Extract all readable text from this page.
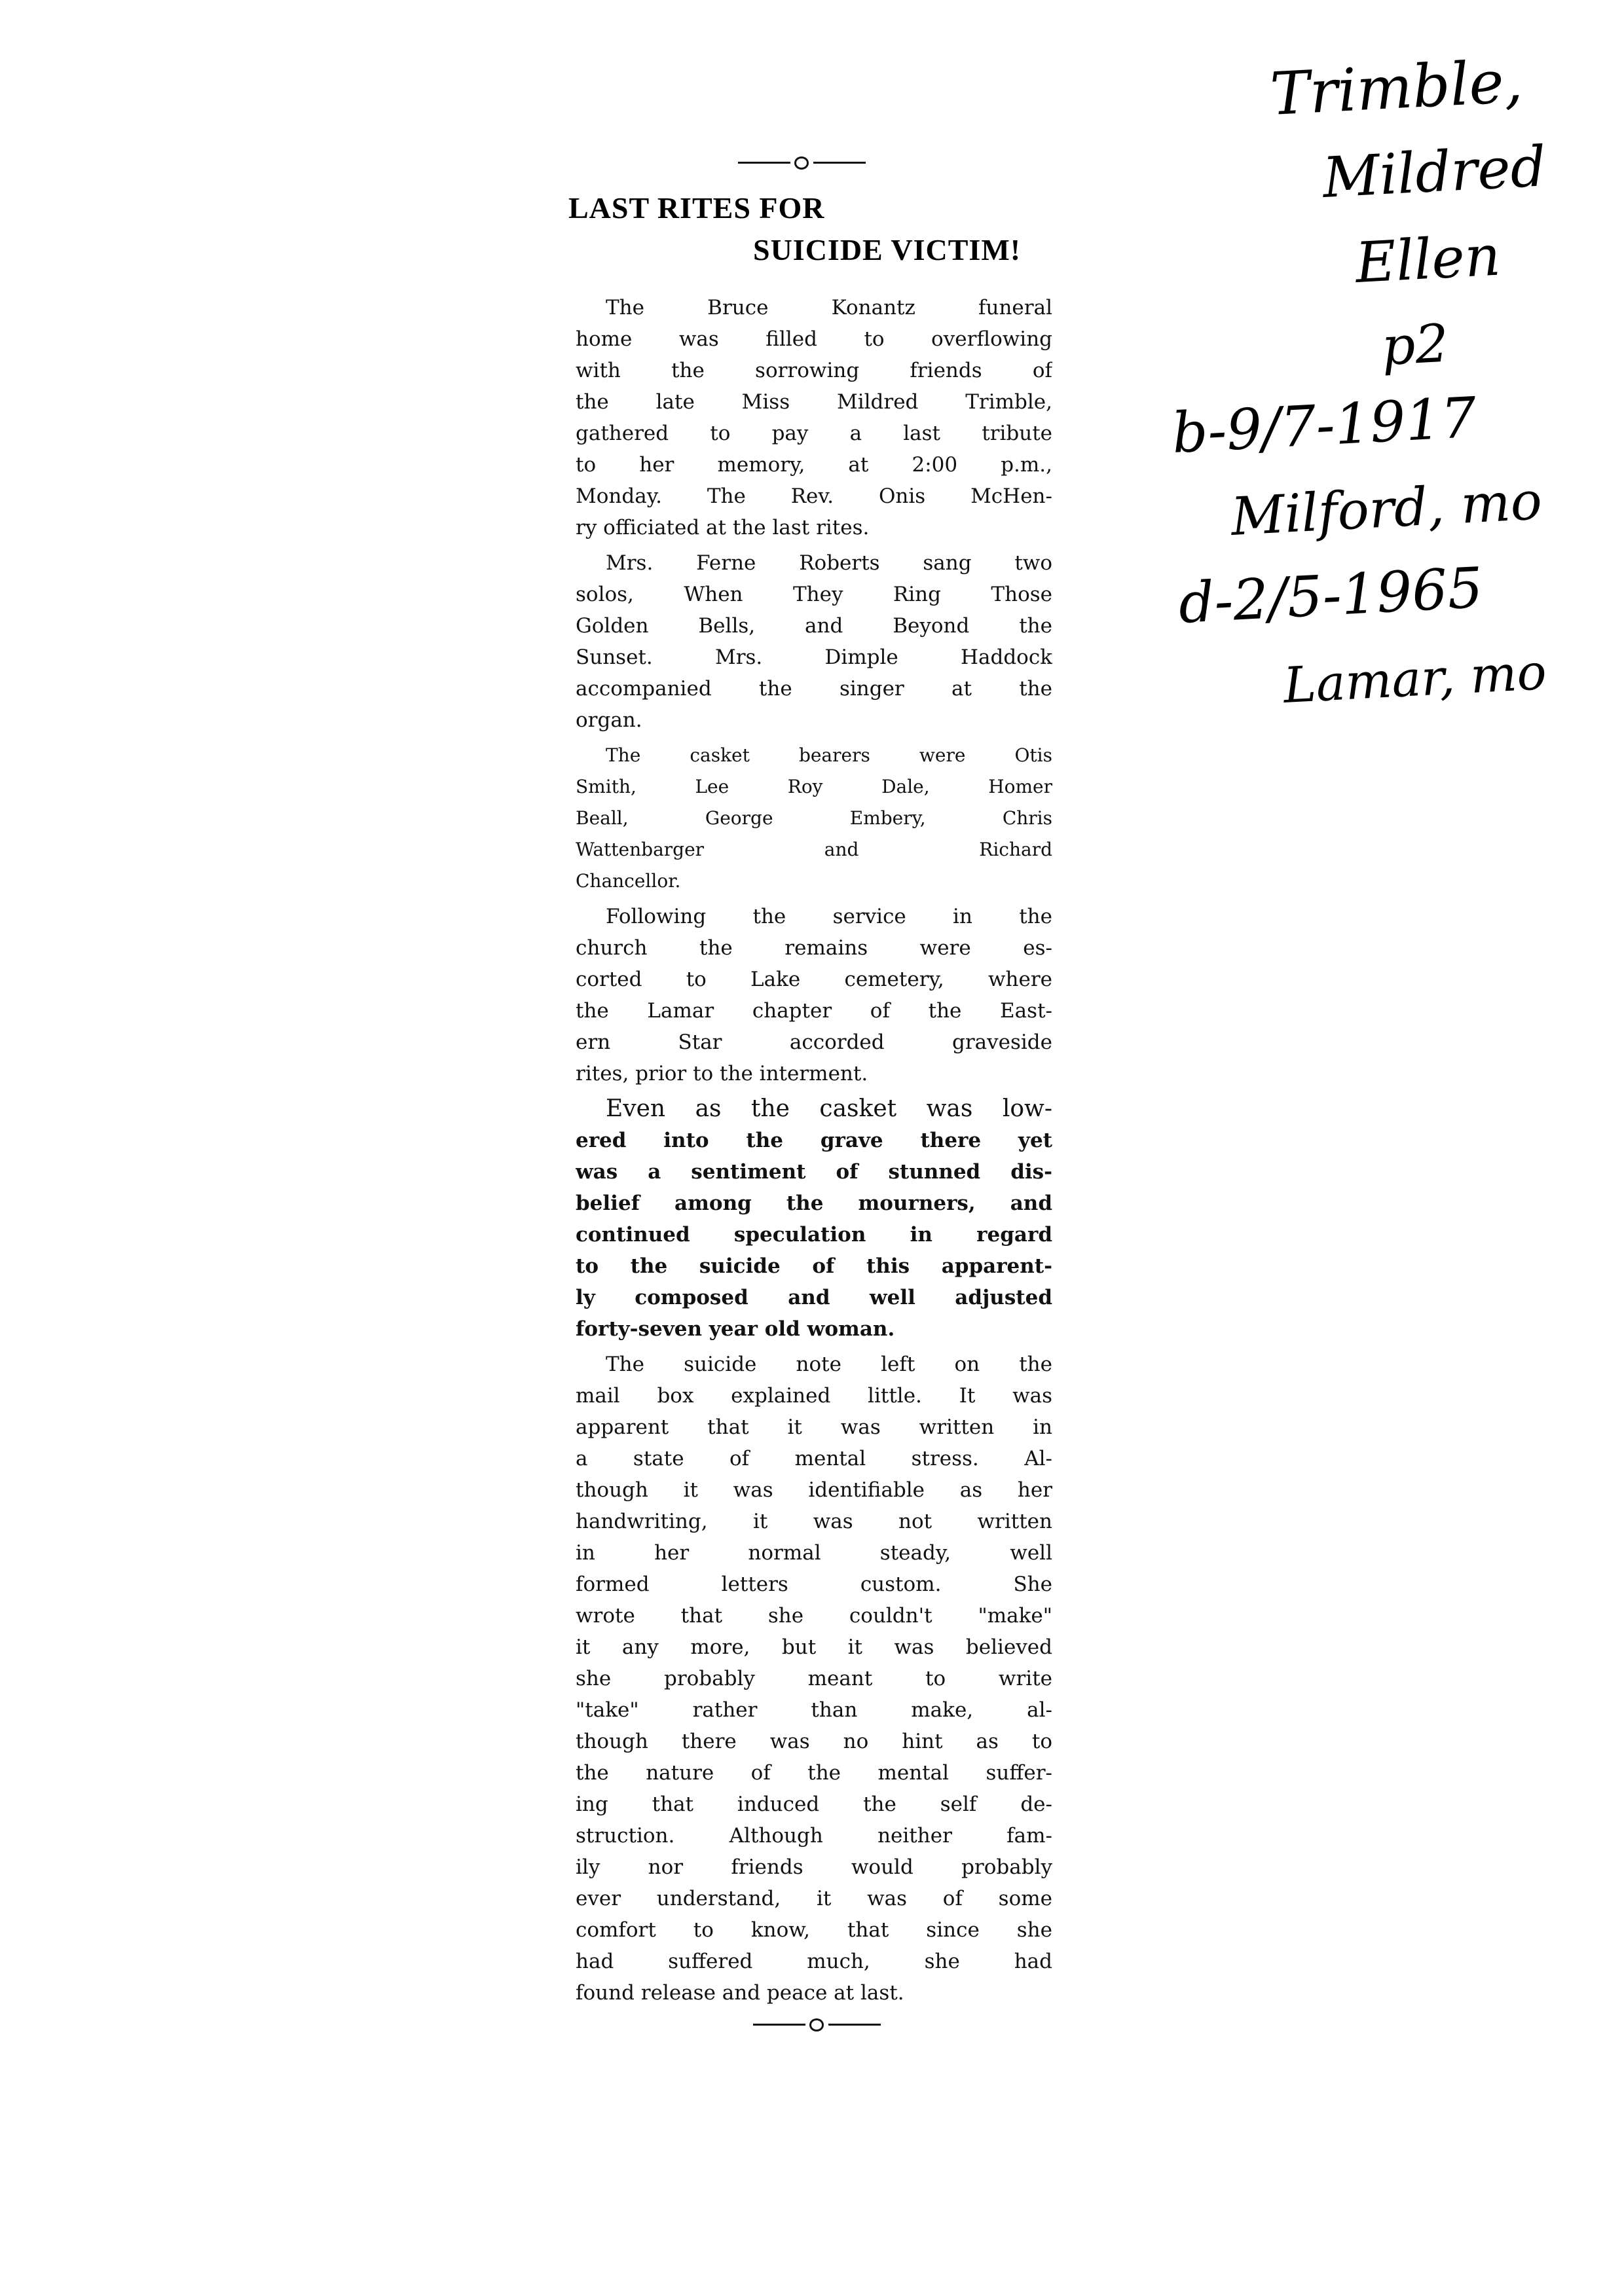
LAST RITES FOR
SUICIDE VICTIM!
The Bruce Konantz funeral
home was filled to overflowing
with the sorrowing friends of
the late Miss Mildred Trimble,
gathered to pay a last tribute
to her memory, at 2:00 p.m.,
Monday. The Rev. Onis McHen-
ry officiated at the last rites.
Mrs. Ferne Roberts sang two
solos, When They Ring Those
Golden Bells, and Beyond the
Sunset. Mrs. Dimple Haddock
accompanied the singer at the
organ.
The casket bearers were Otis
Smith, Lee Roy Dale, Homer
Beall, George Embery, Chris
Wattenbarger and Richard
Chancellor.
Following the service in the
church the remains were es-
corted to Lake cemetery, where
the Lamar chapter of the East-
ern Star accorded graveside
rites, prior to the interment.
Even as the casket was low-
ered into the grave there yet
was a sentiment of stunned dis-
belief among the mourners, and
continued speculation in regard
to the suicide of this apparent-
ly composed and well adjusted
forty-seven year old woman.
The suicide note left on the
mail box explained little. It was
apparent that it was written in
a state of mental stress. Al-
though it was identifiable as her
handwriting, it was not written
in her normal steady, well
formed letters custom. She
wrote that she couldn't "make"
it any more, but it was believed
she probably meant to write
"take" rather than make, al-
though there was no hint as to
the nature of the mental suffer-
ing that induced the self de-
struction. Although neither fam-
ily nor friends would probably
ever understand, it was of some
comfort to know, that since she
had suffered much, she had
found release and peace at last.
Trimble,
Mildred
Ellen
p2
b-9/7-1917
Milford, mo
d-2/5-1965
Lamar, mo
